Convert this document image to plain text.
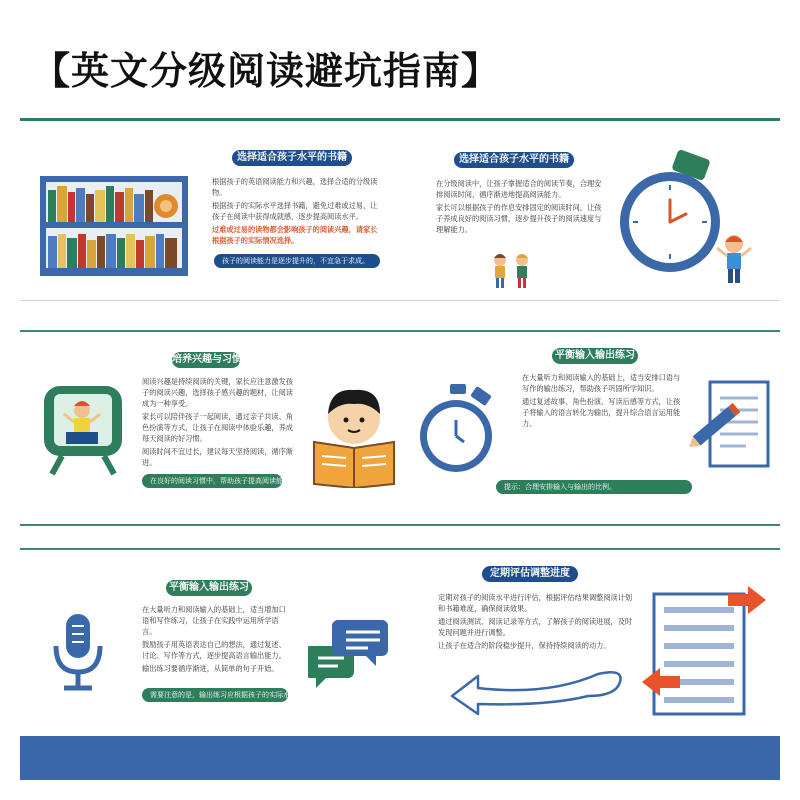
【英文分级阅读避坑指南】
选择适合孩子水平的书籍

根据孩子的英语阅读能力和兴趣，选择合适的分级读物。

根据孩子的实际水平选择书籍，避免过难或过易，让孩子在阅读中获得成就感，逐步提高阅读水平。

过难或过易的读物都会影响孩子的阅读兴趣，请家长根据孩子的实际情况选择。

孩子的阅读能力是逐步提升的，不宜急于求成。
选择适合孩子水平的书籍

在分级阅读中，让孩子掌握适合的阅读节奏，合理安排阅读时间，循序渐进地提高阅读能力。

家长可以根据孩子的作息安排固定的阅读时间，让孩子养成良好的阅读习惯，逐步提升孩子的阅读速度与理解能力。

培养兴趣与习惯

阅读兴趣是持续阅读的关键，家长应注意激发孩子的阅读兴趣，选择孩子感兴趣的题材，让阅读成为一种享受。

家长可以陪伴孩子一起阅读，通过亲子共读、角色扮演等方式，让孩子在阅读中体验乐趣，养成每天阅读的好习惯。

阅读时间不宜过长，建议每天坚持阅读，循序渐进。

在良好的阅读习惯中，帮助孩子提高阅读能力。
平衡输入输出练习

在大量听力和阅读输入的基础上，适当安排口语与写作的输出练习，帮助孩子巩固所学知识。

通过复述故事、角色扮演、写读后感等方式，让孩子将输入的语言转化为输出，提升综合语言运用能力。

提示：合理安排输入与输出的比例。
平衡输入输出练习

在大量听力和阅读输入的基础上，适当增加口语和写作练习，让孩子在实践中运用所学语言。

鼓励孩子用英语表达自己的想法，通过复述、讨论、写作等方式，逐步提高语言输出能力。

输出练习要循序渐进，从简单的句子开始。

需要注意的是，输出练习应根据孩子的实际水平进行。
定期评估调整进度

定期对孩子的阅读水平进行评估，根据评估结果调整阅读计划和书籍难度，确保阅读效果。

通过阅读测试、阅读记录等方式，了解孩子的阅读进展，及时发现问题并进行调整。

让孩子在适合的阶段稳步提升，保持持续阅读的动力。
